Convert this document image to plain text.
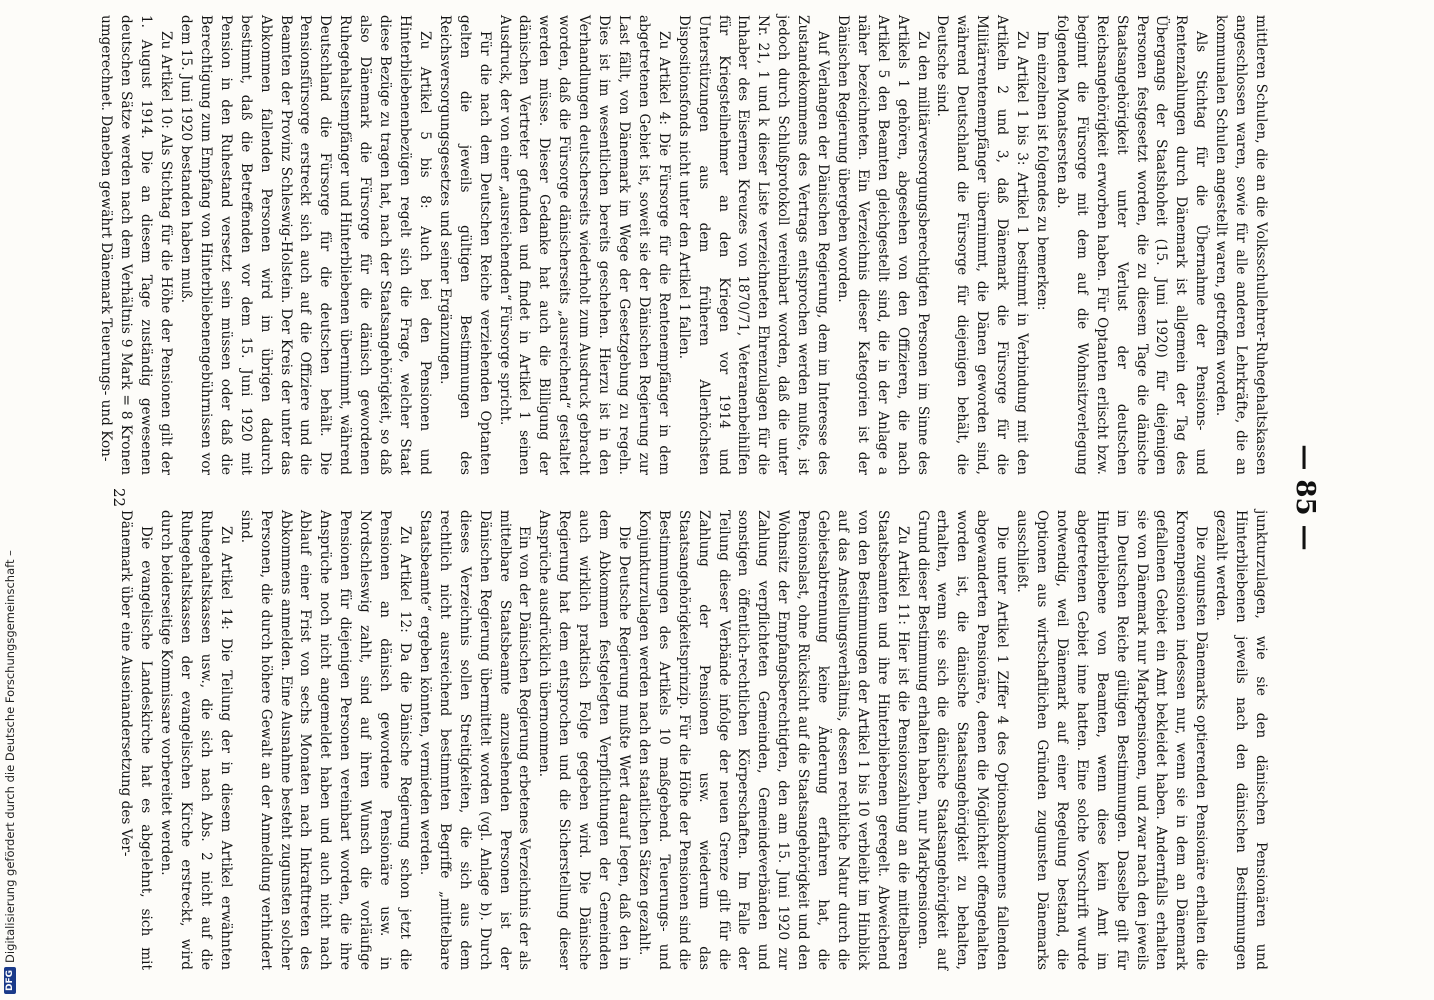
— 85 —

mittleren Schulen, die an die Volksschullehrer-Ruhegehaltskassen angeschlossen waren, sowie für alle anderen Lehrkräfte, die an kommunalen Schulen angestellt waren, getroffen worden.

Als Stichtag für die Übernahme der Pensions- und Rentenzahlungen durch Dänemark ist allgemein der Tag des Übergangs der Staatshoheit (15. Juni 1920) für diejenigen Personen festgesetzt worden, die zu diesem Tage die dänische Staatsangehörigkeit unter Verlust der deutschen Reichsangehörigkeit erworben haben. Für Optanten erlischt bzw. beginnt die Fürsorge mit dem auf die Wohnsitzverlegung folgenden Monatsersten ab.

Im einzelnen ist folgendes zu bemerken:

Zu Artikel 1 bis 3: Artikel 1 bestimmt in Verbindung mit den Artikeln 2 und 3, daß Dänemark die Fürsorge für die Militärrentenempfänger übernimmt, die Dänen geworden sind, während Deutschland die Fürsorge für diejenigen behält, die Deutsche sind.

Zu den militärversorgungsberechtigten Personen im Sinne des Artikels 1 gehören, abgesehen von den Offizieren, die nach Artikel 5 den Beamten gleichgestellt sind, die in der Anlage a näher bezeichneten. Ein Verzeichnis dieser Kategorien ist der Dänischen Regierung übergeben worden.

Auf Verlangen der Dänischen Regierung, dem im Interesse des Zustandekommens des Vertrags entsprochen werden mußte, ist jedoch durch Schlußprotokoll vereinbart worden, daß die unter Nr. 21, 1 und k dieser Liste verzeichneten Ehrenzulagen für die Inhaber des Eisernen Kreuzes von 1870/71, Veteranenbeihilfen für Kriegsteilnehmer an den Kriegen vor 1914 und Unterstützungen aus dem früheren Allerhöchsten Dispositionsfonds nicht unter den Artikel 1 fallen.

Zu Artikel 4: Die Fürsorge für die Rentenempfänger in dem abgetretenen Gebiet ist, soweit sie der Dänischen Regierung zur Last fällt, von Dänemark im Wege der Gesetzgebung zu regeln. Dies ist im wesentlichen bereits geschehen. Hierzu ist in den Verhandlungen deutscherseits wiederholt zum Ausdruck gebracht worden, daß die Fürsorge dänischerseits „ausreichend“ gestaltet werden müsse. Dieser Gedanke hat auch die Billigung der dänischen Vertreter gefunden und findet in Artikel 1 seinen Ausdruck, der von einer „ausreichenden“ Fürsorge spricht.

Für die nach dem Deutschen Reiche verziehenden Optanten gelten die jeweils gültigen Bestimmungen des Reichsversorgungsgesetzes und seiner Ergänzungen.

Zu Artikel 5 bis 8: Auch bei den Pensionen und Hinterbliebenenbezügen regelt sich die Frage, welcher Staat diese Bezüge zu tragen hat, nach der Staatsangehörigkeit, so daß also Dänemark die Fürsorge für die dänisch gewordenen Ruhegehaltsempfänger und Hinterbliebenen übernimmt, während Deutschland die Fürsorge für die deutschen behält. Die Pensionsfürsorge erstreckt sich auch auf die Offiziere und die Beamten der Provinz Schleswig-Holstein. Der Kreis der unter das Abkommen fallenden Personen wird im übrigen dadurch bestimmt, daß die Betreffenden vor dem 15. Juni 1920 mit Pension in den Ruhestand versetzt sein müssen oder daß die Berechtigung zum Empfang von Hinterbliebenengebührnissen vor dem 15. Juni 1920 bestanden haben muß.

Zu Artikel 10: Als Stichtag für die Höhe der Pensionen gilt der 1. August 1914. Die an diesem Tage zuständig gewesenen deutschen Sätze werden nach dem Verhältnis 9 Mark = 8 Kronen umgerechnet. Daneben gewährt Dänemark Teuerungs- und Kon-

junkturzulagen, wie sie den dänischen Pensionären und Hinterbliebenen jeweils nach den dänischen Bestimmungen gezahlt werden.

Die zugunsten Dänemarks optierenden Pensionäre erhalten die Kronenpensionen indessen nur, wenn sie in dem an Dänemark gefallenen Gebiet ein Amt bekleidet haben. Andernfalls erhalten sie von Dänemark nur Markpensionen, und zwar nach den jeweils im Deutschen Reiche gültigen Bestimmungen. Dasselbe gilt für Hinterbliebene von Beamten, wenn diese kein Amt im abgetretenen Gebiet inne hatten. Eine solche Vorschrift wurde notwendig, weil Dänemark auf einer Regelung bestand, die Optionen aus wirtschaftlichen Gründen zugunsten Dänemarks ausschließt.

Die unter Artikel 1 Ziffer 4 des Optionsabkommens fallenden abgewanderten Pensionäre, denen die Möglichkeit offengehalten worden ist, die dänische Staatsangehörigkeit zu behalten, erhalten, wenn sie sich die dänische Staatsangehörigkeit auf Grund dieser Bestimmung erhalten haben, nur Markpensionen.

Zu Artikel 11: Hier ist die Pensionszahlung an die mittelbaren Staatsbeamten und ihre Hinterbliebenen geregelt. Abweichend von den Bestimmungen der Artikel 1 bis 10 verbleibt im Hinblick auf das Anstellungsverhältnis, dessen rechtliche Natur durch die Gebietsabtrennung keine Änderung erfahren hat, die Pensionslast, ohne Rücksicht auf die Staatsangehörigkeit und den Wohnsitz der Empfangsberechtigten, den am 15. Juni 1920 zur Zahlung verpflichteten Gemeinden, Gemeindeverbänden und sonstigen öffentlich-rechtlichen Körperschaften. Im Falle der Teilung dieser Verbände infolge der neuen Grenze gilt für die Zahlung der Pensionen usw. wiederum das Staatsangehörigkeitsprinzip. Für die Höhe der Pensionen sind die Bestimmungen des Artikels 10 maßgebend. Teuerungs- und Konjunkturzulagen werden nach den staatlichen Sätzen gezahlt.

Die Deutsche Regierung mußte Wert darauf legen, daß den in dem Abkommen festgelegten Verpflichtungen der Gemeinden auch wirklich praktisch Folge gegeben wird. Die Dänische Regierung hat dem entsprochen und die Sicherstellung dieser Ansprüche ausdrücklich übernommen.

Ein von der Dänischen Regierung erbetenes Verzeichnis der als mittelbare Staatsbeamte anzusehenden Personen ist der Dänischen Regierung übermittelt worden (vgl. Anlage b). Durch dieses Verzeichnis sollen Streitigkeiten, die sich aus dem rechtlich nicht ausreichend bestimmten Begriffe „mittelbare Staatsbeamte“ ergeben könnten, vermieden werden.

Zu Artikel 12: Da die Dänische Regierung schon jetzt die Pensionen an dänisch gewordene Pensionäre usw. in Nordschleswig zahlt, sind auf ihren Wunsch die vorläufige Pensionen für diejenigen Personen vereinbart worden, die ihre Ansprüche noch nicht angemeldet haben und auch nicht nach Ablauf einer Frist von sechs Monaten nach Inkrafttreten des Abkommens anmelden. Eine Ausnahme besteht zugunsten solcher Personen, die durch höhere Gewalt an der Anmeldung verhindert sind.

Zu Artikel 14: Die Teilung der in diesem Artikel erwähnten Ruhegehaltskassen usw., die sich nach Abs. 2 nicht auf die Ruhegehaltskassen der evangelischen Kirche erstreckt, wird durch beiderseitige Kommissare vorbereitet werden.

Die evangelische Landeskirche hat es abgelehnt, sich mit Dänemark über eine Auseinandersetzung des Ver-

22
DFG
Digitalisierung gefördert durch die Deutsche Forschungsgemeinschaft –
